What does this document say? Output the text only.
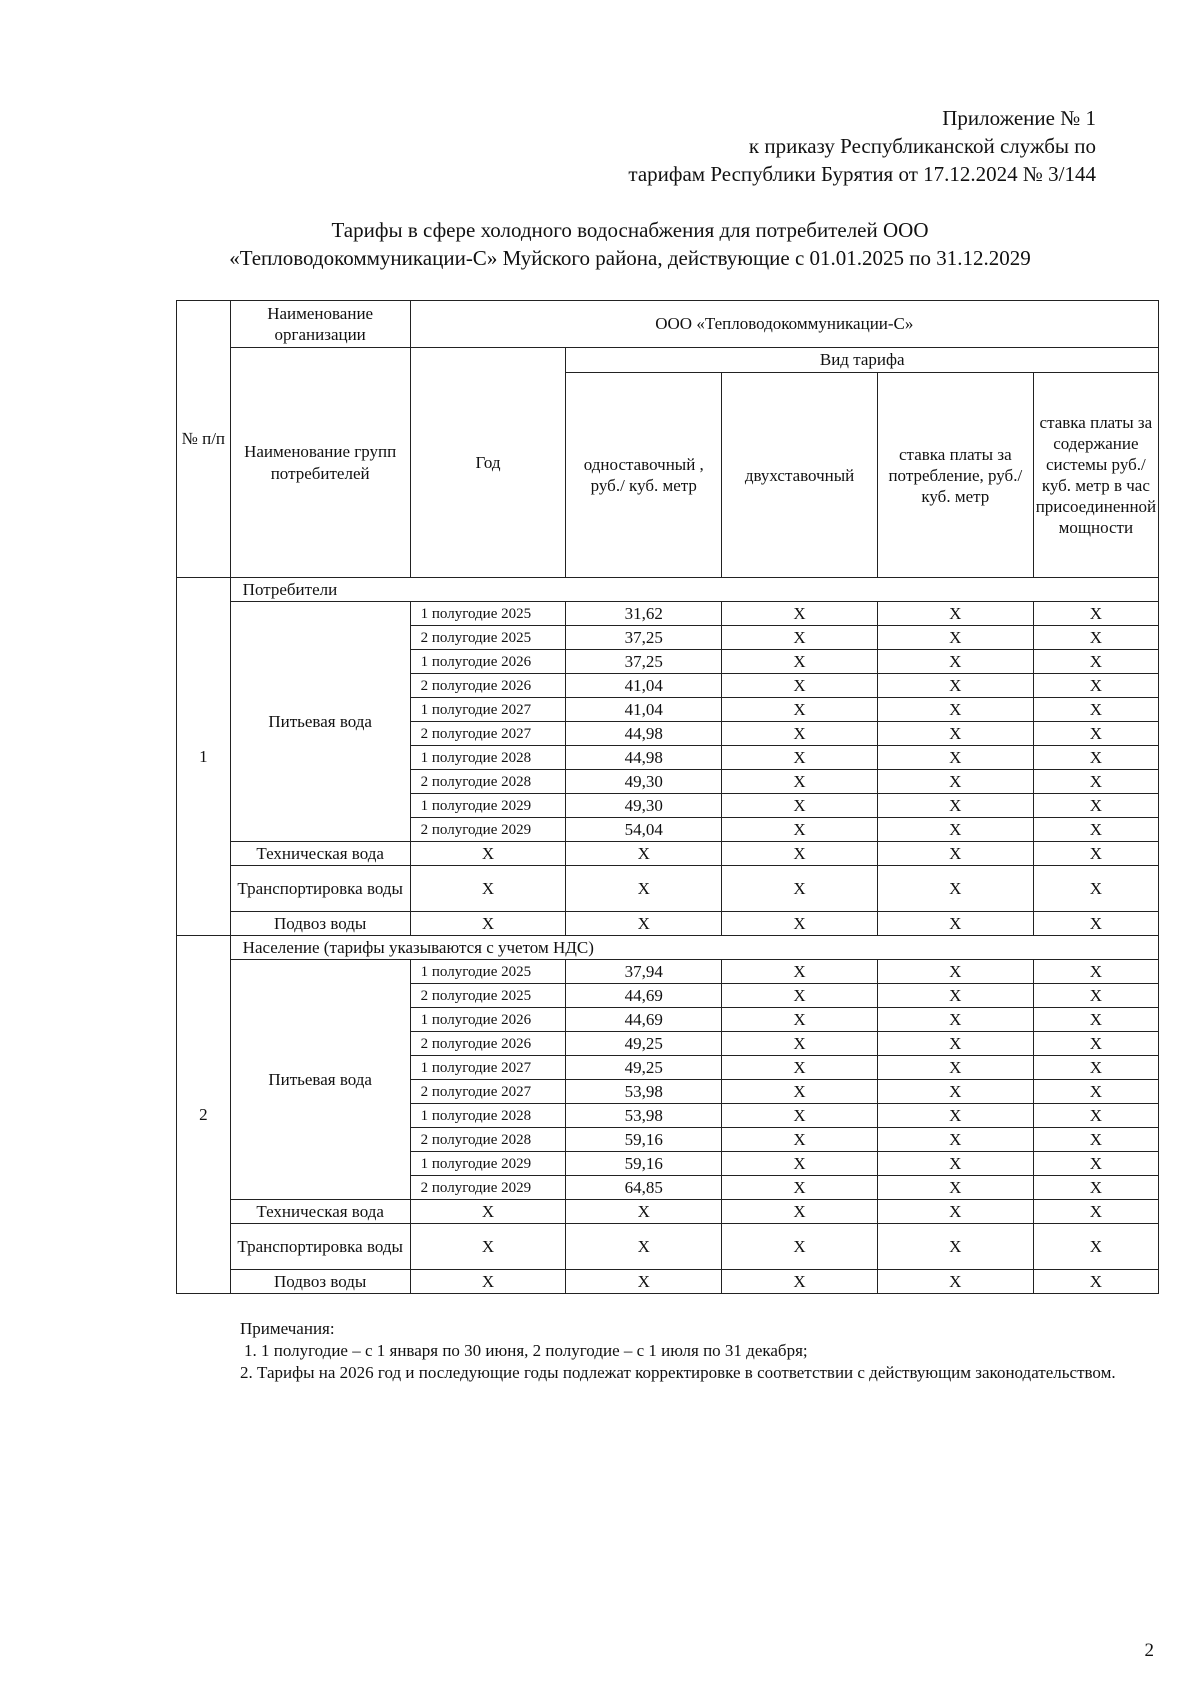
Приложение № 1
к приказу Республиканской службы по
тарифам Республики Бурятия от 17.12.2024 № 3/144
Тарифы в сфере холодного водоснабжения для потребителей ООО
«Тепловодокоммуникации-С» Муйского района, действующие с 01.01.2025 по 31.12.2029
№ п/п	Наименование организации	ООО «Тепловодокоммуникации-С»				
	Наименование групп потребителей	Год	Вид тарифа			
			одноставочный , руб./ куб. метр	двухставочный	ставка платы за потребление, руб./ куб. метр	ставка платы за содержание системы руб./куб. метр в час присоединенной мощности
1	Потребители					
	Питьевая вода	1 полугодие 2025	31,62	X	X	X
		2 полугодие 2025	37,25	X	X	X
		1 полугодие 2026	37,25	X	X	X
		2 полугодие 2026	41,04	X	X	X
		1 полугодие 2027	41,04	X	X	X
		2 полугодие 2027	44,98	X	X	X
		1 полугодие 2028	44,98	X	X	X
		2 полугодие 2028	49,30	X	X	X
		1 полугодие 2029	49,30	X	X	X
		2 полугодие 2029	54,04	X	X	X
	Техническая вода	X	X	X	X	X
	Транспортировка воды	X	X	X	X	X
	Подвоз воды	X	X	X	X	X
2	Население (тарифы указываются с учетом НДС)					
	Питьевая вода	1 полугодие 2025	37,94	X	X	X
		2 полугодие 2025	44,69	X	X	X
		1 полугодие 2026	44,69	X	X	X
		2 полугодие 2026	49,25	X	X	X
		1 полугодие 2027	49,25	X	X	X
		2 полугодие 2027	53,98	X	X	X
		1 полугодие 2028	53,98	X	X	X
		2 полугодие 2028	59,16	X	X	X
		1 полугодие 2029	59,16	X	X	X
		2 полугодие 2029	64,85	X	X	X
	Техническая вода	X	X	X	X	X
	Транспортировка воды	X	X	X	X	X
	Подвоз воды	X	X	X	X	X
Примечания:
1. 1 полугодие – с 1 января по 30 июня, 2 полугодие – с 1 июля по 31 декабря;
2. Тарифы на 2026 год и последующие годы подлежат корректировке в соответствии с действующим законодательством.
2
